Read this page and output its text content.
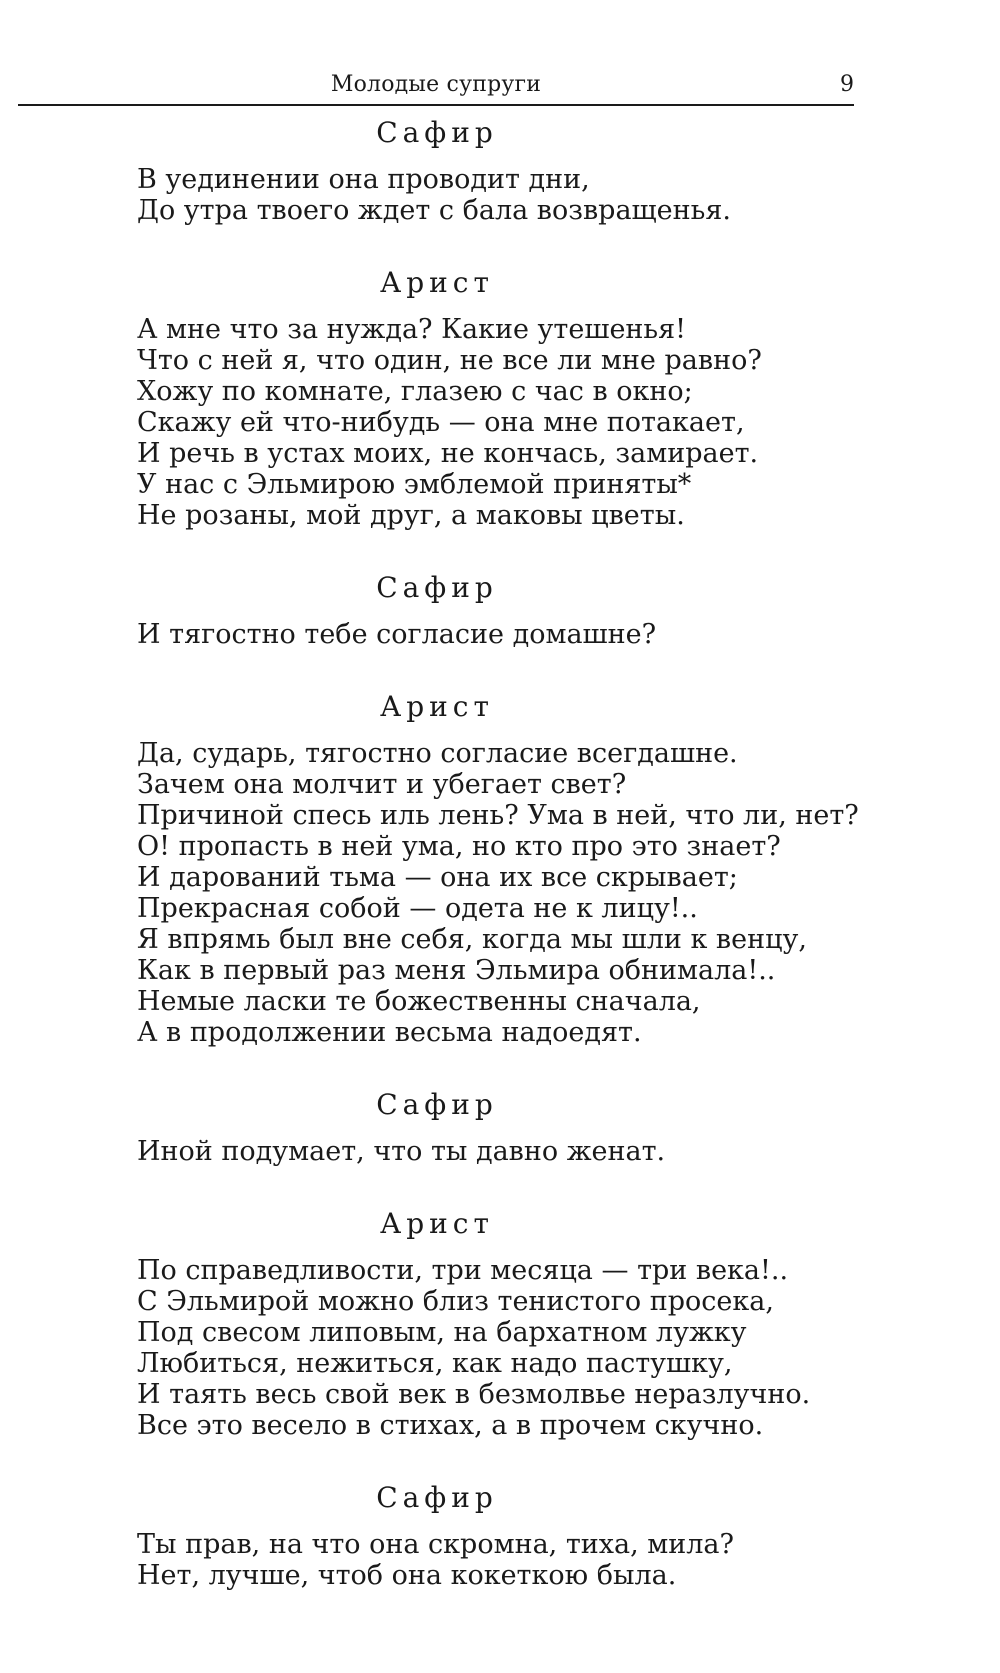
Молодые супруги	9
Сафир
В уединении она проводит дни,
До утра твоего ждет с бала возвращенья.
Арист
А мне что за нужда? Какие утешенья!
Что с ней я, что один, не все ли мне равно?
Хожу по комнате, глазею с час в окно;
Скажу ей что-нибудь — она мне потакает,
И речь в устах моих, не кончась, замирает.
У нас с Эльмирою эмблемой приняты*
Не розаны, мой друг, а маковы цветы.
Сафир
И тягостно тебе согласие домашне?
Арист
Да, сударь, тягостно согласие всегдашне.
Зачем она молчит и убегает свет?
Причиной спесь иль лень? Ума в ней, что ли, нет?
О! пропасть в ней ума, но кто про это знает?
И дарований тьма — она их все скрывает;
Прекрасная собой — одета не к лицу!..
Я впрямь был вне себя, когда мы шли к венцу,
Как в первый раз меня Эльмира обнимала!..
Немые ласки те божественны сначала,
А в продолжении весьма надоедят.
Сафир
Иной подумает, что ты давно женат.
Арист
По справедливости, три месяца — три века!..
С Эльмирой можно близ тенистого просека,
Под свесом липовым, на бархатном лужку
Любиться, нежиться, как надо пастушку,
И таять весь свой век в безмолвье неразлучно.
Все это весело в стихах, а в прочем скучно.
Сафир
Ты прав, на что она скромна, тиха, мила?
Нет, лучше, чтоб она кокеткою была.
